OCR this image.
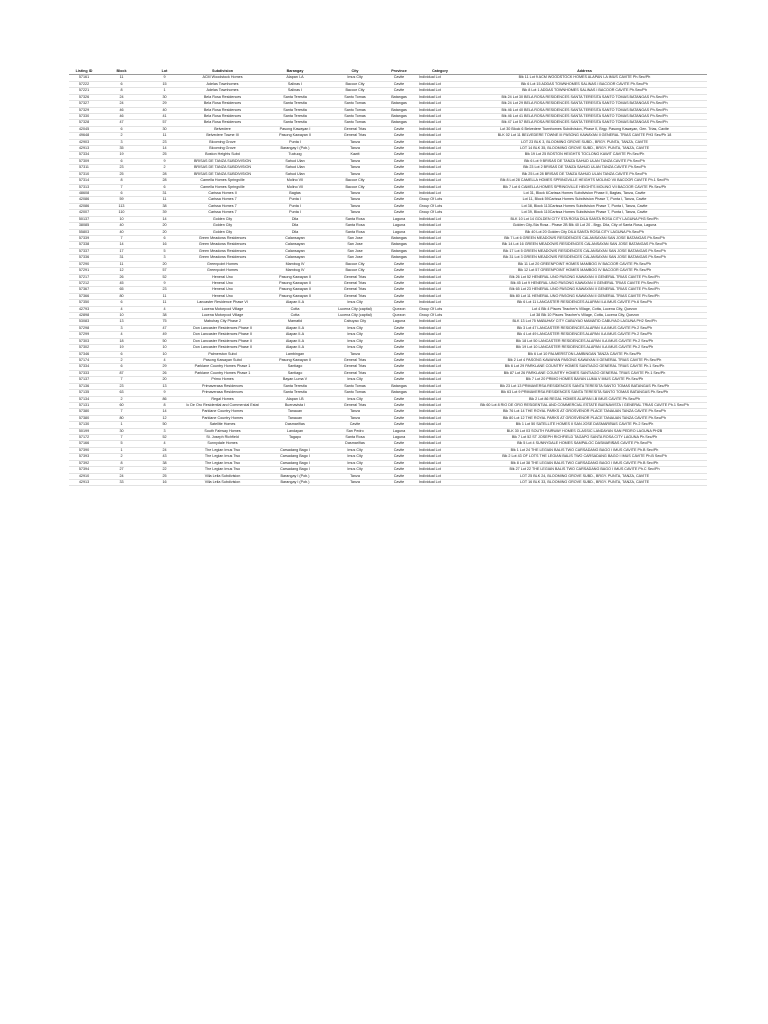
Listing ID	Block	Lot	Subdivision	Barangay	City	Province	Category	Address
57161	11	9	ACM Woodstock Homes	Alapan I-A	Imus City	Cavite	Individual Lot	Blk 11 Lot 9 ACM WOODSTOCK HOMES ALAPAN I-A IMUS CAVITE Ph.Sec/Ph
57222	6	15	Adelas Townhomes	Salinas I	Bacoor City	Cavite	Individual Lot	Blk 6 Lot 15 ADDAS TOWNHOMES SALINAS I BACOOR CAVITE Ph.Sec/Ph
57221	8	1	Adelas Townhomes	Salinas I	Bacoor City	Cavite	Individual Lot	Blk 8 Lot 1 ADDAS TOWNHOMES SALINAS I BACOOR CAVITE Ph.Sec/Ph
57326	24	30	Bela Rosa Residences	Santa Teresita	Santo Tomas	Batangas	Individual Lot	Blk 24 Lot 30 BELA ROSA RESIDENCES SANTA TERESITA SANTO TOMAS BATANGAS Ph.Sec/Ph
57327	24	29	Bela Rosa Residences	Santa Teresita	Santo Tomas	Batangas	Individual Lot	Blk 24 Lot 29 BELA ROSA RESIDENCES SANTA TERESITA SANTO TOMAS BATANGAS Ph.Sec/Ph
57329	46	40	Bela Rosa Residences	Santa Teresita	Santo Tomas	Batangas	Individual Lot	Blk 46 Lot 40 BELA ROSA RESIDENCES SANTA TERESITA SANTO TOMAS BATANGAS Ph.Sec/Ph
57330	46	41	Bela Rosa Residences	Santa Teresita	Santo Tomas	Batangas	Individual Lot	Blk 46 Lot 41 BELA ROSA RESIDENCES SANTA TERESITA SANTO TOMAS BATANGAS Ph.Sec/Ph
57328	47	57	Bela Rosa Residences	Santa Teresita	Santo Tomas	Batangas	Individual Lot	Blk 47 Lot 57 BELA ROSA RESIDENCES SANTA TERESITA SANTO TOMAS BATANGAS Ph.Sec/Ph
42045	6	30	Belvedere	Pasong Kawayan I	General Trias	Cavite	Individual Lot	Lot 30 Block 6 Belvedere Townhomes Subdivision, Phase II, Brgy. Pasong Kawayan, Gen. Trias, Cavite
49648	2	11	Belvedere Towne III	Pasong Kawayan II	General Trias	Cavite	Individual Lot	BLK 02 Lot 11 BELVEDERE TOWNE III PASONG KAWAYAN II GENERAL TRIAS CAVITE PH3 Sec/Ph 18
42903	3	23	Blooming Grove	Punta I	Tanza	Cavite	Individual Lot	LOT 23 BLK 3, BLOOMING GROVE SUBD., BRGY. PUNTA, TANZA, CAVITE
42913	35	14	Blooming Grove	Barangay I (Pob.)	Tanza	Cavite	Individual Lot	LOT 14 BLK 35, BLOOMING GROVE SUBD., BRGY. PUNTA, TANZA, CAVITE
57334	19	25	Boston Heights Subd	Tuctuog	Kawit	Cavite	Individual Lot	Blk 19 Lot 25 BOSTON HEIGHTS TOCLONG KAWIT CAVITE Ph.Sec/Ph
57309	6	9	BRISAS DE TANZA SUBDIVISION	Sahud Ulan	Tanza	Cavite	Individual Lot	Blk 6 Lot 9 BRISAS DE TANZA SAHUD ULAN TANZA CAVITE Ph.Sec/Ph
57311	23	2	BRISAS DE TANZA SUBDIVISION	Sahud Ulan	Tanza	Cavite	Individual Lot	Blk 23 Lot 2 BRISAS DE TANZA SAHUD ULAN TANZA CAVITE Ph.Sec/Ph
57310	25	28	BRISAS DE TANZA SUBDIVISION	Sahud Ulan	Tanza	Cavite	Individual Lot	Blk 25 Lot 28 BRISAS DE TANZA SAHUD ULAN TANZA CAVITE Ph.Sec/Ph
57314	8	28	Camella Homes Springville	Molino VII	Bacoor City	Cavite	Individual Lot	Blk 8 Lot 28 CAMELLA HOMES SPRINGVILLE HEIGHTS MOLINO VII BACOOR CAVITE Ph.1 Sec/Ph
57313	7	6	Camella Homes Springville	Molino VII	Bacoor City	Cavite	Individual Lot	Blk 7 Lot 6 CAMELLA HOMES SPRINGVILLE HEIGHTS MOLINO VII BACOOR CAVITE Ph.Sec/Ph
48608	6	31	Carissa Homes II	Bagtas	Tanza	Cavite	Individual Lot	Lot 31, Block 6Carissa Homes Subdivision Phase II, Bagtas, Tanza, Cavite
42086	59	11	Carissa Homes 7	Punta I	Tanza	Cavite	Group Of Lots	Lot 11, Block 59Carissa Homes Subdivision Phase 7, Punta I, Tanza, Cavite
42086	113	38	Carissa Homes 7	Punta I	Tanza	Cavite	Group Of Lots	Lot 38, Block 113Carissa Homes Subdivision Phase 7, Punta I, Tanza, Cavite
42007	110	39	Carissa Homes 7	Punta I	Tanza	Cavite	Group Of Lots	Lot 39, Block 110Carissa Homes Subdivision Phase 7, Punta I, Tanza, Cavite
50137	10	14	Golden City	Dila	Santa Rosa	Laguna	Individual Lot	BLK 10 Lot 14 GOLDEN CITY STA ROSA DILA SANTA ROSA CITY LAGUNA PH3 Sec/Ph
38085	40	20	Golden City	Dila	Santa Rosa	Laguna	Individual Lot	Golden City-Sta Rosa - Phase 2B Blk 40 Lot 20 - Brgy. Dila, City of Santa Rosa, Laguna
55803	40	20	Golden City	Dila	Santa Rosa	Laguna	Individual Lot	Blk 40 Lot 20 Golden City DILA SANTA ROSA CITY LAGUNA Ph.Sec/Ph
57339	7	6	Green Meadows Residences	Calansayan	San Jose	Batangas	Individual Lot	Blk 7 Lot 6 GREEN MEADOWS RESIDENCES CALANSAYAN SAN JOSE BATANGAS Ph.Sec/Ph
57338	14	16	Green Meadows Residences	Calansayan	San Jose	Batangas	Individual Lot	Blk 14 Lot 16 GREEN MEADOWS RESIDENCES CALANSAYAN SAN JOSE BATANGAS Ph.Sec/Ph
57337	17	5	Green Meadows Residences	Calansayan	San Jose	Batangas	Individual Lot	Blk 17 Lot 5 GREEN MEADOWS RESIDENCES CALANSAYAN SAN JOSE BATANGAS Ph.Sec/Ph
57336	31	3	Green Meadows Residences	Calansayan	San Jose	Batangas	Individual Lot	Blk 31 Lot 3 GREEN MEADOWS RESIDENCES CALANSAYAN SAN JOSE BATANGAS Ph.Sec/Ph
57290	11	20	Greenpoint Homes	Mambog IV	Bacoor City	Cavite	Individual Lot	Blk 11 Lot 20 GREENPOINT HOMES MAMBOG IV BACOOR CAVITE Ph.Sec/Ph
57291	12	57	Greenpoint Homes	Mambog IV	Bacoor City	Cavite	Individual Lot	Blk 12 Lot 57 GREENPOINT HOMES MAMBOG IV BACOOR CAVITE Ph.Sec/Ph
57217	26	52	Heneral Uno	Pasong Kawayan II	General Trias	Cavite	Individual Lot	Blk 26 Lot 52 HENERAL UNO PASONG KAWAYAN II GENERAL TRIAS CAVITE Ph.Sec/Ph
57212	45	9	Heneral Uno	Pasong Kawayan II	General Trias	Cavite	Individual Lot	Blk 45 Lot 9 HENERAL UNO PASONG KAWAYAN II GENERAL TRIAS CAVITE Ph.Sec/Ph
57367	65	23	Heneral Uno	Pasong Kawayan II	General Trias	Cavite	Individual Lot	Blk 65 Lot 23 HENERAL UNO PASONG KAWAYAN II GENERAL TRIAS CAVITE Ph.Sec/Ph
57366	80	11	Heneral Uno	Pasong Kawayan II	General Trias	Cavite	Individual Lot	Blk 80 Lot 11 HENERAL UNO PASONG KAWAYAN II GENERAL TRIAS CAVITE Ph.Sec/Ph
57350	6	11	Lancaster Residence Phase VI	Alapan II-A	Imus City	Cavite	Individual Lot	Blk 6 Lot 11 LANCASTER RESIDENCES ALAPAN II-A IMUS CAVITE Ph.6 Sec/Ph
42793	4	4	Lucena Motorpool Village	Cotta	Lucena City (capital)	Quezon	Group Of Lots	Lot 4 Blk 4 Pisces Teacher's Village, Cotta, Lucena City, Quezon
42898	10	38	Lucena Motorpool Village	Cotta	Lucena City (capital)	Quezon	Group Of Lots	Lot 38 Blk 10 Pisces Teacher's Village, Cotta, Lucena City, Quezon
53083	13	75	Mabuhay City Phase 2	Mamatid	Cabuyao City	Laguna	Individual Lot	BLK 13 Lot 75 MABUHAY CITY CABUYAO MAMATID CABUYAO LAGUNA PH2 Sec/Ph
57298	3	47	Don Lancaster Residences Phase II	Alapan II-A	Imus City	Cavite	Individual Lot	Blk 3 Lot 47 LANCASTER RESIDENCES ALAPAN II-A IMUS CAVITE Ph.2 Sec/Ph
57299	4	49	Don Lancaster Residences Phase II	Alapan II-A	Imus City	Cavite	Individual Lot	Blk 4 Lot 49 LANCASTER RESIDENCES ALAPAN II-A IMUS CAVITE Ph.2 Sec/Ph
57303	18	50	Don Lancaster Residences Phase II	Alapan II-A	Imus City	Cavite	Individual Lot	Blk 18 Lot 50 LANCASTER RESIDENCES ALAPAN II-A IMUS CAVITE Ph.2 Sec/Ph
57302	19	10	Don Lancaster Residences Phase II	Alapan II-A	Imus City	Cavite	Individual Lot	Blk 19 Lot 10 LANCASTER RESIDENCES ALAPAN II-A IMUS CAVITE Ph.2 Sec/Ph
57346	6	10	Palmerston Subd	Lambingan	Tanza	Cavite	Individual Lot	Blk 6 Lot 10 PALMERSTON LAMBINGAN TANZA CAVITE Ph.Sec/Ph
57174	2	4	Pasong Kawayan Subd	Pasong Kawayan II	General Trias	Cavite	Individual Lot	Blk 2 Lot 4 PASONG KAWAYAN PASONG KAWAYAN II GENERAL TRIAS CAVITE Ph.Sec/Ph
57334	6	29	Parklane Country Homes Phase 1	Santiago	General Trias	Cavite	Individual Lot	Blk 6 Lot 29 PARKLANE COUNTRY HOMES SANTIAGO GENERAL TRIAS CAVITE Ph.1 Sec/Ph
57333	87	26	Parklane Country Homes Phase 1	Santiago	General Trias	Cavite	Individual Lot	Blk 87 Lot 26 PARKLANE COUNTRY HOMES SANTIAGO GENERAL TRIAS CAVITE Ph.1 Sec/Ph
57137	7	20	Primo Homes	Bayan Luma V	Imus City	Cavite	Individual Lot	Blk 7 Lot 20 PRIMO HOMES BAYAN LUMA V IMUS CAVITE Ph.Sec/Ph
57136	23	13	Primaverasa Residences	Santa Teresita	Santo Tomas	Batangas	Individual Lot	Blk 23 Lot 13 PRIMAVERSA RESIDENCES SANTA TERESITA SANTO TOMAS BATANGAS Ph.Sec/Ph
57135	63	9	Primaverasa Residences	Santa Teresita	Santo Tomas	Batangas	Individual Lot	Blk 63 Lot 9 PRIMAVERSA RESIDENCES SANTA TERESITA SANTO TOMAS BATANGAS Ph.Sec/Ph
57134	2	86	Regal Homes	Alapan I-B	Imus City	Cavite	Individual Lot	Blk 2 Lot 86 REGAL HOMES ALAPAN I-B IMUS CAVITE Ph.Sec/Ph
57131	60	8	Ic De Oro Residential and Commercial Estat	Buenavista I	General Trias	Cavite	Individual Lot	Blk 60 Lot 8 RIO DE ORO RESIDENTIAL AND COMMERCIAL ESTATE BUENAVISTA I GENERAL TRIAS CAVITE Ph.1 Sec/Ph
57380	7	14	Parklane Country Homes	Tanauan	Tanza	Cavite	Individual Lot	Blk 76 Lot 14 THE ROYAL PARKS AT GROSVENOR PLACE TANAUAN TANZA CAVITE Ph.Sec/Ph
57380	80	12	Parklane Country Homes	Tanauan	Tanza	Cavite	Individual Lot	Blk 80 Lot 12 THE ROYAL PARKS AT GROSVENOR PLACE TANAUAN TANZA CAVITE Ph.Sec/Ph
57130	1	50	Satellite Homes	Dasmariñas	Cavite	Cavite	Individual Lot	Blk 1 Lot 50 SATELLITE HOMES II SAN JOSE DASMARIÑAS CAVITE Ph.2 Sec/Ph
50199	30	3	South Fairway Homes	Landayan	San Pedro	Laguna	Individual Lot	BLK 30 Lot 03 SOUTH FAIRWAY HOMES CLASSIC LANDAYAN SAN PEDRO LAGUNA PH2B
57172	7	52	St. Joseph Richfield	Tagapo	Santa Rosa	Laguna	Individual Lot	Blk 7 Lot 52 ST JOSEPH RICHFIELD TAGAPO SANTA ROSA CITY LAGUNA Ph.Sec/Ph
57166	5	4	Sunnydale Homes		Dasmariñas	Cavite	Individual Lot	Blk 5 Lot 4 SUNNYDALE HOMES SAMPALOC DASMARIÑAS CAVITE Ph.Sec/Ph
57390	1	24	The Legian Imus Two	Carsadang Bago I	Imus City	Cavite	Individual Lot	Blk 1 Lot 24 THE LEGIAN BALIS TWO CARSADANG BAGO I IMUS CAVITE Ph.B Sec/Ph
57393	2	43	The Legian Imus Two	Carsadang Bago I	Imus City	Cavite	Individual Lot	Blk 2 Lot 43 OF LOTS THE LEGIAN BALIS TWO CARSADANG BAGO I IMUS CAVITE Ph.B Sec/Ph
57392	8	38	The Legian Imus Two	Carsadang Bago I	Imus City	Cavite	Individual Lot	Blk 8 Lot 38 THE LEGIAN BALIS TWO CARSADANG BAGO I IMUS CAVITE Ph.B Sec/Ph
57394	27	22	The Legian Imus Two	Carsadang Bago I	Imus City	Cavite	Individual Lot	Blk 27 Lot 22 THE LEGIAN BALIS TWO CARSADANG BAGO I IMUS CAVITE Ph.C Sec/Ph
42910	24	25	Villa Leila Subdivision	Barangay I (Pob.)	Tanza	Cavite	Individual Lot	LOT 25 BLK 24, BLOOMING GROVE SUBD., BRGY. PUNTA, TANZA, CAVITE
42913	33	16	Villa Leila Subdivision	Barangay I (Pob.)	Tanza	Cavite	Individual Lot	LOT 16 BLK 33, BLOOMING GROVE SUBD., BRGY. PUNTA, TANZA, CAVITE
